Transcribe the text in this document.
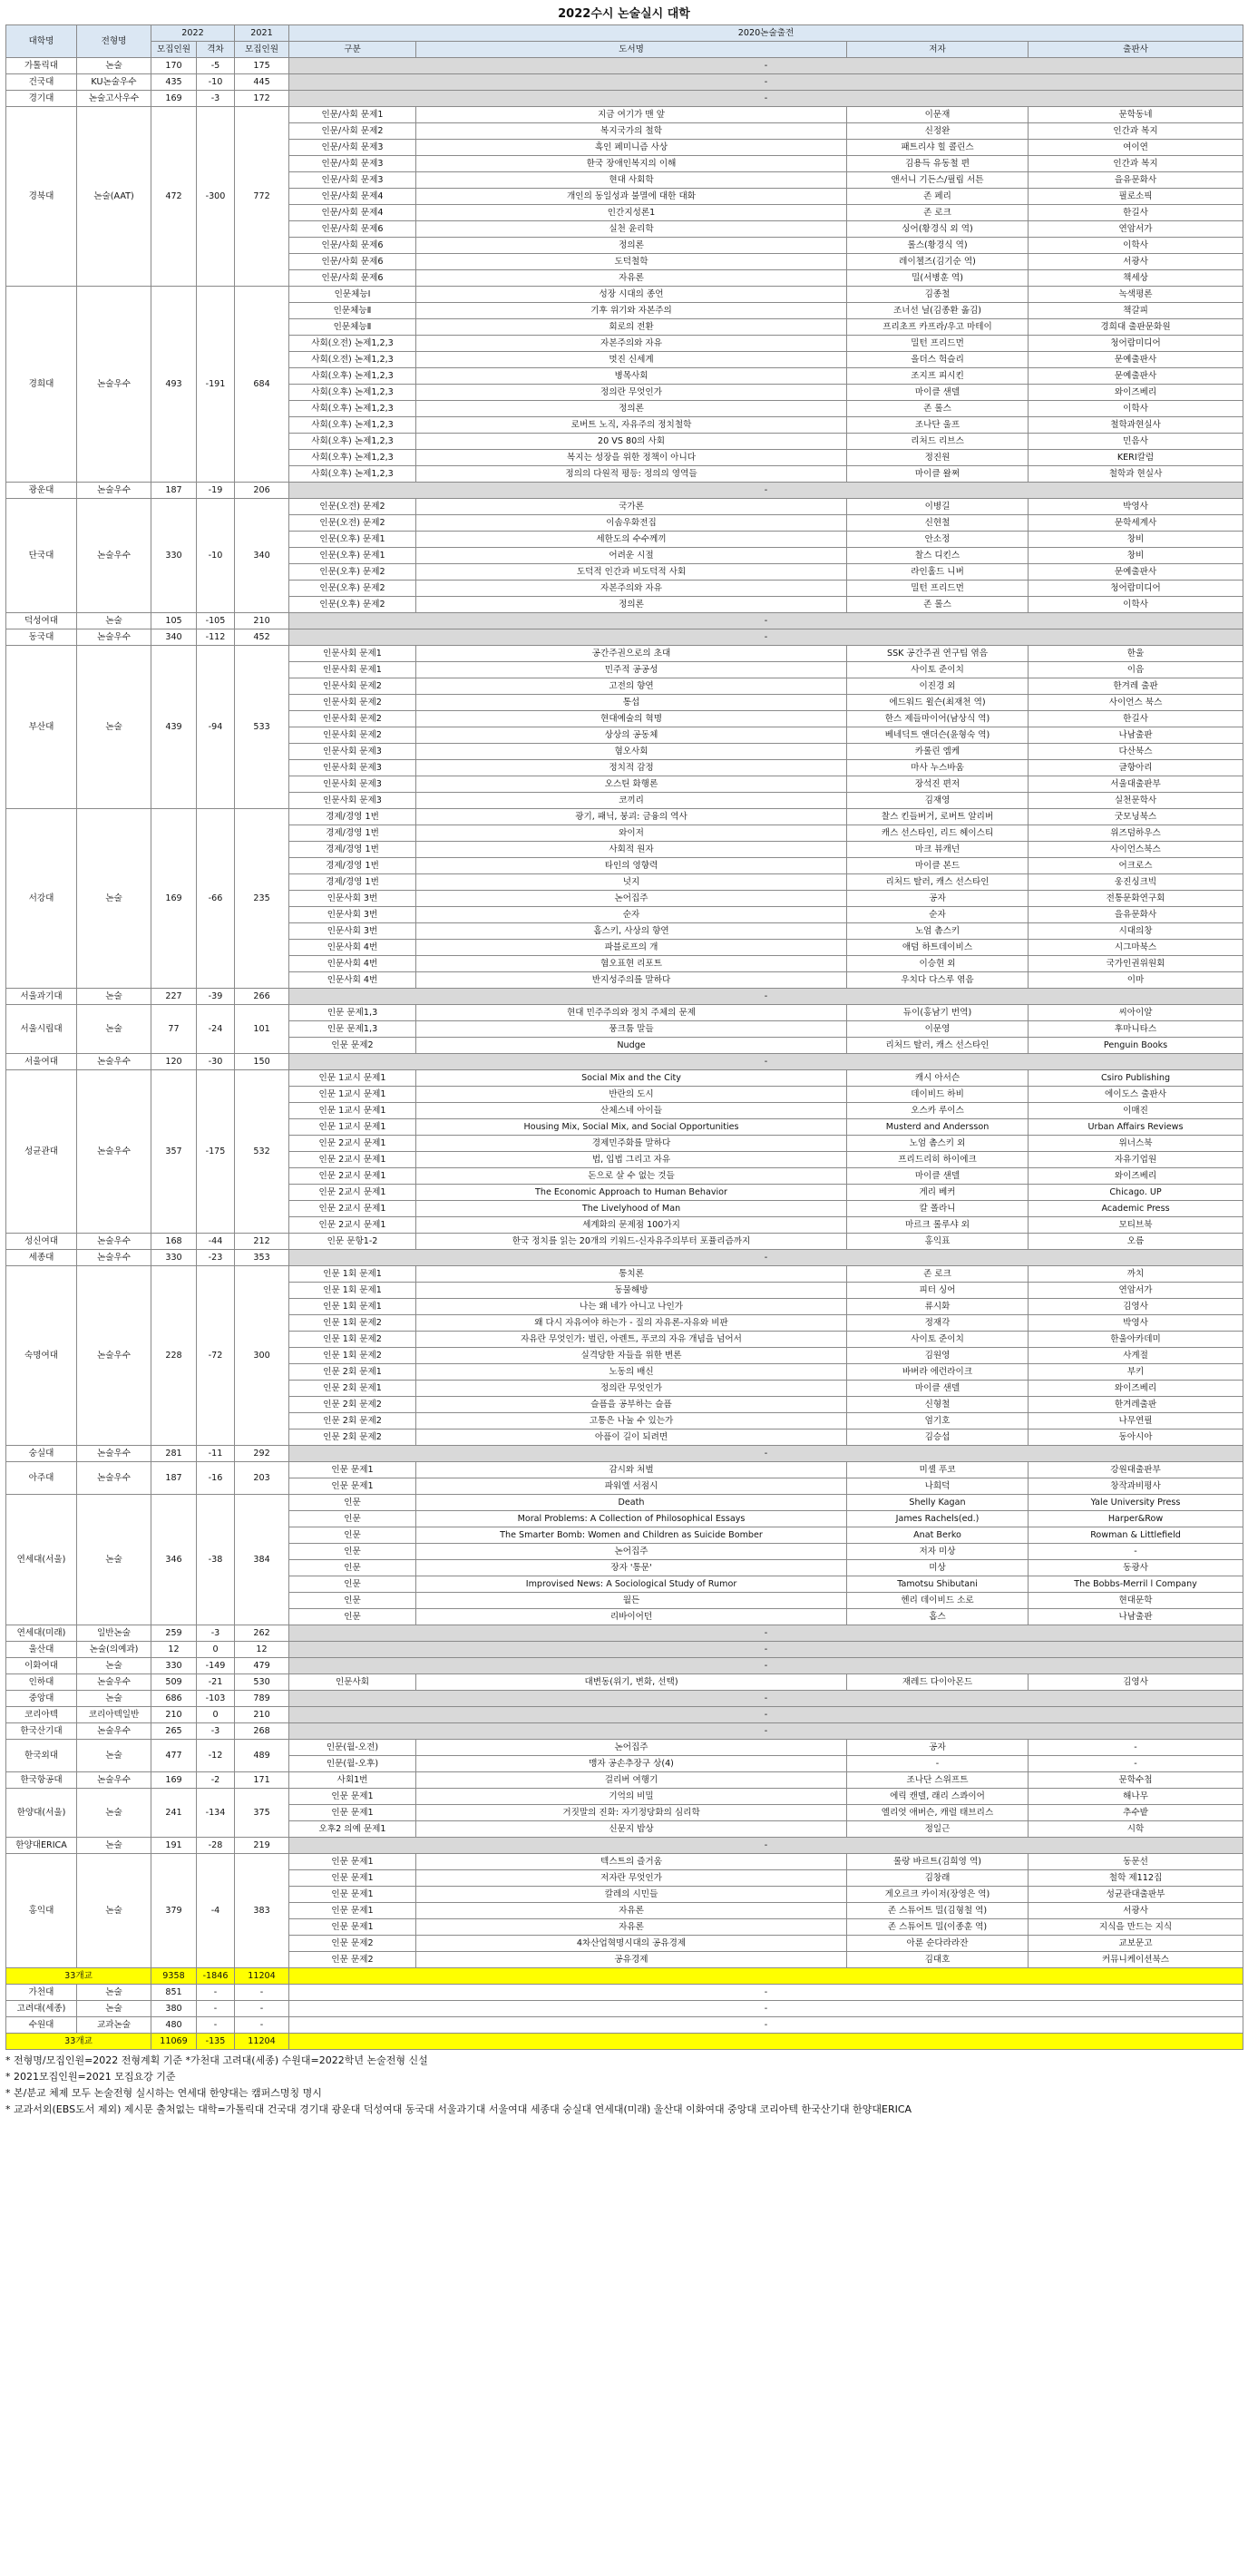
2022수시 논술실시 대학
대학명	전형명	2022		2021	2020논술출전			
		모집인원	격차	모집인원	구분	도서명	저자	출판사
가톨릭대	논술	170	-5	175	-			
건국대	KU논술우수	435	-10	445	-			
경기대	논술고사우수	169	-3	172	-			
경북대	논술(AAT)	472	-300	772	인문/사회 문제1	지금 여기가 맨 앞	이문재	문학동네
					인문/사회 문제2	복지국가의 철학	신정완	인간과 복지
					인문/사회 문제3	흑인 페미니즘 사상	패트리샤 힐 콜린스	여이연
					인문/사회 문제3	한국 장애인복지의 이해	김용득 유동철 편	인간과 복지
					인문/사회 문제3	현대 사회학	앤서니 기든스/필립 서튼	을유문화사
					인문/사회 문제4	개인의 동일성과 불멸에 대한 대화	존 페리	필로소픽
					인문/사회 문제4	인간지성론1	존 로크	한길사
					인문/사회 문제6	실천 윤리학	싱어(황경식 외 역)	연암서가
					인문/사회 문제6	정의론	롤스(황경식 역)	이학사
					인문/사회 문제6	도덕철학	레이첼즈(김기순 역)	서광사
					인문/사회 문제6	자유론	밀(서병훈 역)	책세상
경희대	논술우수	493	-191	684	인문체능Ⅰ	성장 시대의 종언	김종철	녹색평론
					인문체능Ⅱ	기후 위기와 자본주의	조너선 닐(김종환 옮김)	책갈피
					인문체능Ⅱ	회로의 전환	프리초프 카프라/우고 마테이	경희대 출판문화원
					사회(오전) 논제1,2,3	자본주의와 자유	밀턴 프리드먼	청어람미디어
					사회(오전) 논제1,2,3	멋진 신세계	올더스 헉슬리	문예출판사
					사회(오후) 논제1,2,3	병목사회	조지프 피시킨	문예출판사
					사회(오후) 논제1,2,3	정의란 무엇인가	마이클 샌델	와이즈베리
					사회(오후) 논제1,2,3	정의론	존 롤스	이학사
					사회(오후) 논제1,2,3	로버트 노직, 자유주의 정치철학	조나단 울프	철학과현실사
					사회(오후) 논제1,2,3	20 VS 80의 사회	리처드 리브스	민음사
					사회(오후) 논제1,2,3	복지는 성장을 위한 정책이 아니다	정진원	KERI칼럼
					사회(오후) 논제1,2,3	정의의 다원적 평등: 정의의 영역들	마이클 왈쩌	철학과 현실사
광운대	논술우수	187	-19	206	-			
단국대	논술우수	330	-10	340	인문(오전) 문제2	국가론	이병길	박영사
					인문(오전) 문제2	이솝우화전집	신현철	문학세계사
					인문(오후) 문제1	세한도의 수수께끼	안소정	창비
					인문(오후) 문제1	어려운 시절	찰스 디킨스	창비
					인문(오후) 문제2	도덕적 인간과 비도덕적 사회	라인홀드 니버	문예출판사
					인문(오후) 문제2	자본주의와 자유	밀턴 프리드먼	청어람미디어
					인문(오후) 문제2	정의론	존 롤스	이학사
덕성여대	논술	105	-105	210	-			
동국대	논술우수	340	-112	452	-			
부산대	논술	439	-94	533	인문사회 문제1	공간주권으로의 초대	SSK 공간주권 연구팀 엮음	한울
					인문사회 문제1	민주적 공공성	사이토 준이치	이음
					인문사회 문제2	고전의 향연	이진경 외	한겨레 출판
					인문사회 문제2	통섭	에드워드 윌슨(최재천 역)	사이언스 북스
					인문사회 문제2	현대예술의 혁명	한스 제들마이어(남상식 역)	한길사
					인문사회 문제2	상상의 공동체	베네딕트 앤더슨(윤형숙 역)	나남출판
					인문사회 문제3	혐오사회	카롤린 엠케	다산북스
					인문사회 문제3	정치적 감정	마사 누스바움	글항아리
					인문사회 문제3	오스틴 화행론	장석진 편저	서울대출판부
					인문사회 문제3	코끼리	김재영	실천문학사
서강대	논술	169	-66	235	경제/경영 1번	광기, 패닉, 붕괴: 금융의 역사	찰스 킨들버거, 로버트 알리버	굿모닝북스
					경제/경영 1번	와이저	캐스 선스타인, 리드 헤이스티	위즈덤하우스
					경제/경영 1번	사회적 원자	마크 뷰캐넌	사이언스북스
					경제/경영 1번	타인의 영향력	마이클 본드	어크로스
					경제/경영 1번	넛지	리처드 탈러, 캐스 선스타인	웅진싱크빅
					인문사회 3번	논어집주	공자	전통문화연구회
					인문사회 3번	순자	순자	을유문화사
					인문사회 3번	홉스키, 사상의 향연	노엄 촘스키	시대의창
					인문사회 4번	파블로프의 개	애덤 하트데이비스	시그마북스
					인문사회 4번	혐오표현 리포트	이승현 외	국가인권위원회
					인문사회 4번	반지성주의를 말하다	우치다 다스루 엮음	이마
서울과기대	논술	227	-39	266	-			
서울시립대	논술	77	-24	101	인문 문제1,3	현대 민주주의와 정치 주체의 문제	듀이(홍남기 번역)	씨아이알
					인문 문제1,3	풍크툼 말들	이문영	후마니타스
					인문 문제2	Nudge	리처드 탈러, 캐스 선스타인	Penguin Books
서울여대	논술우수	120	-30	150	-			
성균관대	논술우수	357	-175	532	인문 1교시 문제1	Social Mix and the City	캐시 아서슨	Csiro Publishing
					인문 1교시 문제1	반란의 도시	데이비드 하비	에이도스 출판사
					인문 1교시 문제1	산체스네 아이들	오스카 루이스	이매진
					인문 1교시 문제1	Housing Mix, Social Mix, and Social Opportunities	Musterd and Andersson	Urban Affairs Reviews
					인문 2교시 문제1	경제민주화를 말하다	노엄 촘스키 외	위너스북
					인문 2교시 문제1	법, 입법 그리고 자유	프리드리히 하이에크	자유기업원
					인문 2교시 문제1	돈으로 살 수 없는 것들	마이클 샌델	와이즈베리
					인문 2교시 문제1	The Economic Approach to Human Behavior	게리 베커	Chicago. UP
					인문 2교시 문제1	The Livelyhood of Man	칼 폴라니	Academic Press
					인문 2교시 문제1	세계화의 문제점 100가지	마르크 롤루샤 외	모티브북
성신여대	논술우수	168	-44	212	인문 문항1-2	한국 정치를 읽는 20개의 키워드-신자유주의부터 포퓰리즘까지	홍익표	오름
세종대	논술우수	330	-23	353	-			
숙명여대	논술우수	228	-72	300	인문 1회 문제1	통치론	존 로크	까치
					인문 1회 문제1	동물해방	피터 싱어	연암서가
					인문 1회 문제1	나는 왜 네가 아니고 나인가	류시화	김영사
					인문 1회 문제2	왜 다시 자유여야 하는가 - 질의 자유론-자유와 비판	정재각	박영사
					인문 1회 문제2	자유란 무엇인가: 벌린, 아렌트, 푸코의 자유 개념을 넘어서	사이토 준이치	한울아카데미
					인문 1회 문제2	실격당한 자들을 위한 변론	김원영	사계절
					인문 2회 문제1	노동의 배신	바버라 에런라이크	부키
					인문 2회 문제1	정의란 무엇인가	마이클 샌델	와이즈베리
					인문 2회 문제2	슬픔을 공부하는 슬픔	신형철	한겨레출판
					인문 2회 문제2	고통은 나눌 수 있는가	엄기호	나무연필
					인문 2회 문제2	아픔이 길이 되려면	김승섭	동아시아
숭실대	논술우수	281	-11	292	-			
아주대	논술우수	187	-16	203	인문 문제1	감시와 처벌	미셸 푸코	강원대출판부
					인문 문제1	파워엘 서점시	나희덕	창작과비평사
연세대(서울)	논술	346	-38	384	인문	Death	Shelly Kagan	Yale University Press
					인문	Moral Problems: A Collection of Philosophical Essays	James Rachels(ed.)	Harper&Row
					인문	The Smarter Bomb: Women and Children as Suicide Bomber	Anat Berko	Rowman & Littlefield
					인문	논어집주	저자 미상	-
					인문	장자 '통문'	미상	동광사
					인문	Improvised News: A Sociological Study of Rumor	Tamotsu Shibutani	The Bobbs-Merril l Company
					인문	월든	헨리 데이비드 소로	현대문학
					인문	리바이어던	홉스	나남출판
연세대(미래)	일반논술	259	-3	262	-			
울산대	논술(의예과)	12	0	12	-			
이화여대	논술	330	-149	479	-			
인하대	논술우수	509	-21	530	인문사회	대변동(위기, 변화, 선택)	재레드 다이아몬드	김영사
중앙대	논술	686	-103	789	-			
코리아텍	코리아텍일반	210	0	210	-			
한국산기대	논술우수	265	-3	268	-			
한국외대	논술	477	-12	489	인문(월-오전)	논어집주	공자	-
					인문(월-오후)	맹자 공손추장구 상(4)	-	-
한국항공대	논술우수	169	-2	171	사회1번	걸리버 여행기	조나단 스위프트	문학수첩
한양대(서울)	논술	241	-134	375	인문 문제1	기억의 비밀	에릭 캔델, 래리 스콰이어	해나무
					인문 문제1	거짓말의 진화: 자기정당화의 심리학	엘리엇 애버슨, 캐럴 태브리스	추수밭
					오후2 의예 문제1	신문지 밥상	정일근	시학
한양대ERICA	논술	191	-28	219	-			
홍익대	논술	379	-4	383	인문 문제1	텍스트의 즐거움	롤랑 바르트(김희영 역)	동문선
					인문 문제1	저자란 무엇인가	김창래	철학 제112집
					인문 문제1	칼레의 시민들	게오르크 카이저(장영은 역)	성균관대출판부
					인문 문제1	자유론	존 스튜어트 밀(김형철 역)	서광사
					인문 문제1	자유론	존 스튜어트 밀(이종훈 역)	지식을 만드는 지식
					인문 문제2	4차산업혁명시대의 공유경제	아룬 순다라라잔	교보문고
					인문 문제2	공유경제	김대호	커뮤니케이션북스
33개교		9358	-1846	11204				
가천대	논술	851	-	-	-			
고려대(세종)	논술	380	-	-	-			
수원대	교과논술	480	-	-	-			
33개교		11069	-135	11204				
* 전형명/모집인원=2022 전형계획 기준 *가천대 고려대(세종) 수원대=2022학년 논술전형 신설
* 2021모집인원=2021 모집요강 기준
* 본/분교 체제 모두 논술전형 실시하는 연세대 한양대는 캠퍼스명칭 명시
* 교과서외(EBS도서 제외) 제시문 출처없는 대학=가톨릭대 건국대 경기대 광운대 덕성여대 동국대 서울과기대 서울여대 세종대 숭실대 연세대(미래) 울산대 이화여대 중앙대 코리아텍 한국산기대 한양대ERICA
